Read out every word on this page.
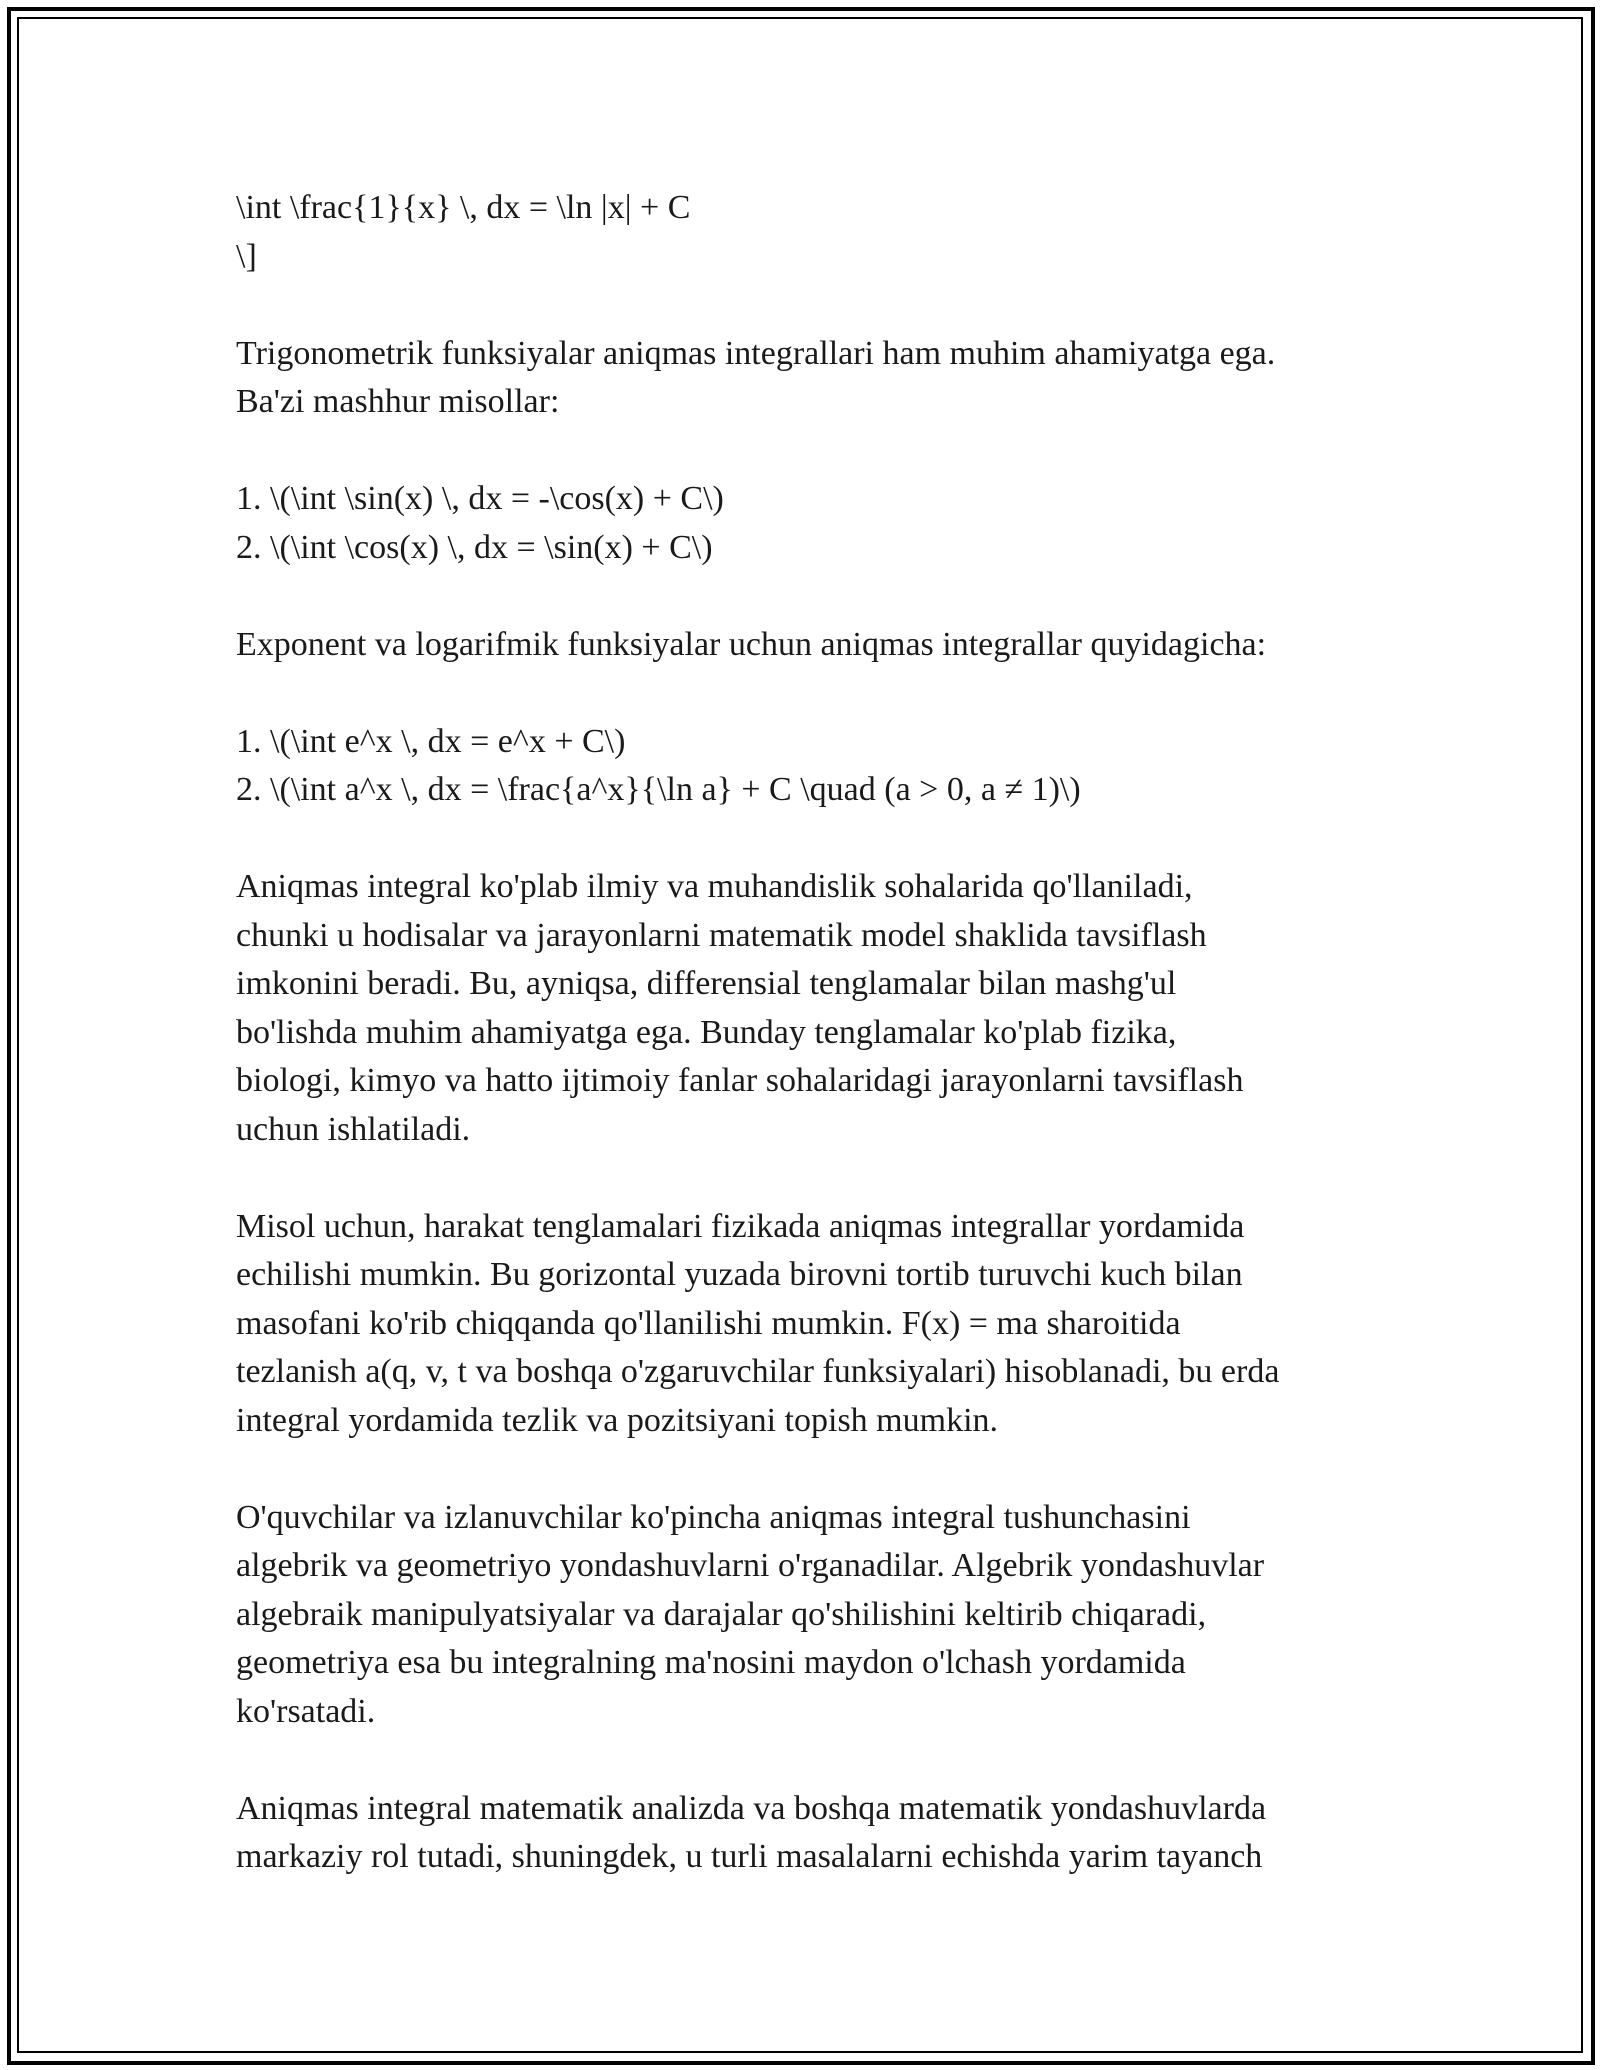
\int \frac{1}{x} \, dx = \ln |x| + C
\]
Trigonometrik funksiyalar aniqmas integrallari ham muhim ahamiyatga ega.
Ba'zi mashhur misollar:
1. \(\int \sin(x) \, dx = -\cos(x) + C\)
2. \(\int \cos(x) \, dx = \sin(x) + C\)
Exponent va logarifmik funksiyalar uchun aniqmas integrallar quyidagicha:
1. \(\int e^x \, dx = e^x + C\)
2. \(\int a^x \, dx = \frac{a^x}{\ln a} + C \quad (a > 0, a ≠ 1)\)
Aniqmas integral ko'plab ilmiy va muhandislik sohalarida qo'llaniladi,
chunki u hodisalar va jarayonlarni matematik model shaklida tavsiflash
imkonini beradi. Bu, ayniqsa, differensial tenglamalar bilan mashg'ul
bo'lishda muhim ahamiyatga ega. Bunday tenglamalar ko'plab fizika,
biologi, kimyo va hatto ijtimoiy fanlar sohalaridagi jarayonlarni tavsiflash
uchun ishlatiladi.
Misol uchun, harakat tenglamalari fizikada aniqmas integrallar yordamida
echilishi mumkin. Bu gorizontal yuzada birovni tortib turuvchi kuch bilan
masofani ko'rib chiqqanda qo'llanilishi mumkin. F(x) = ma sharoitida
tezlanish a(q, v, t va boshqa o'zgaruvchilar funksiyalari) hisoblanadi, bu erda
integral yordamida tezlik va pozitsiyani topish mumkin.
O'quvchilar va izlanuvchilar ko'pincha aniqmas integral tushunchasini
algebrik va geometriyo yondashuvlarni o'rganadilar. Algebrik yondashuvlar
algebraik manipulyatsiyalar va darajalar qo'shilishini keltirib chiqaradi,
geometriya esa bu integralning ma'nosini maydon o'lchash yordamida
ko'rsatadi.
Aniqmas integral matematik analizda va boshqa matematik yondashuvlarda
markaziy rol tutadi, shuningdek, u turli masalalarni echishda yarim tayanch
